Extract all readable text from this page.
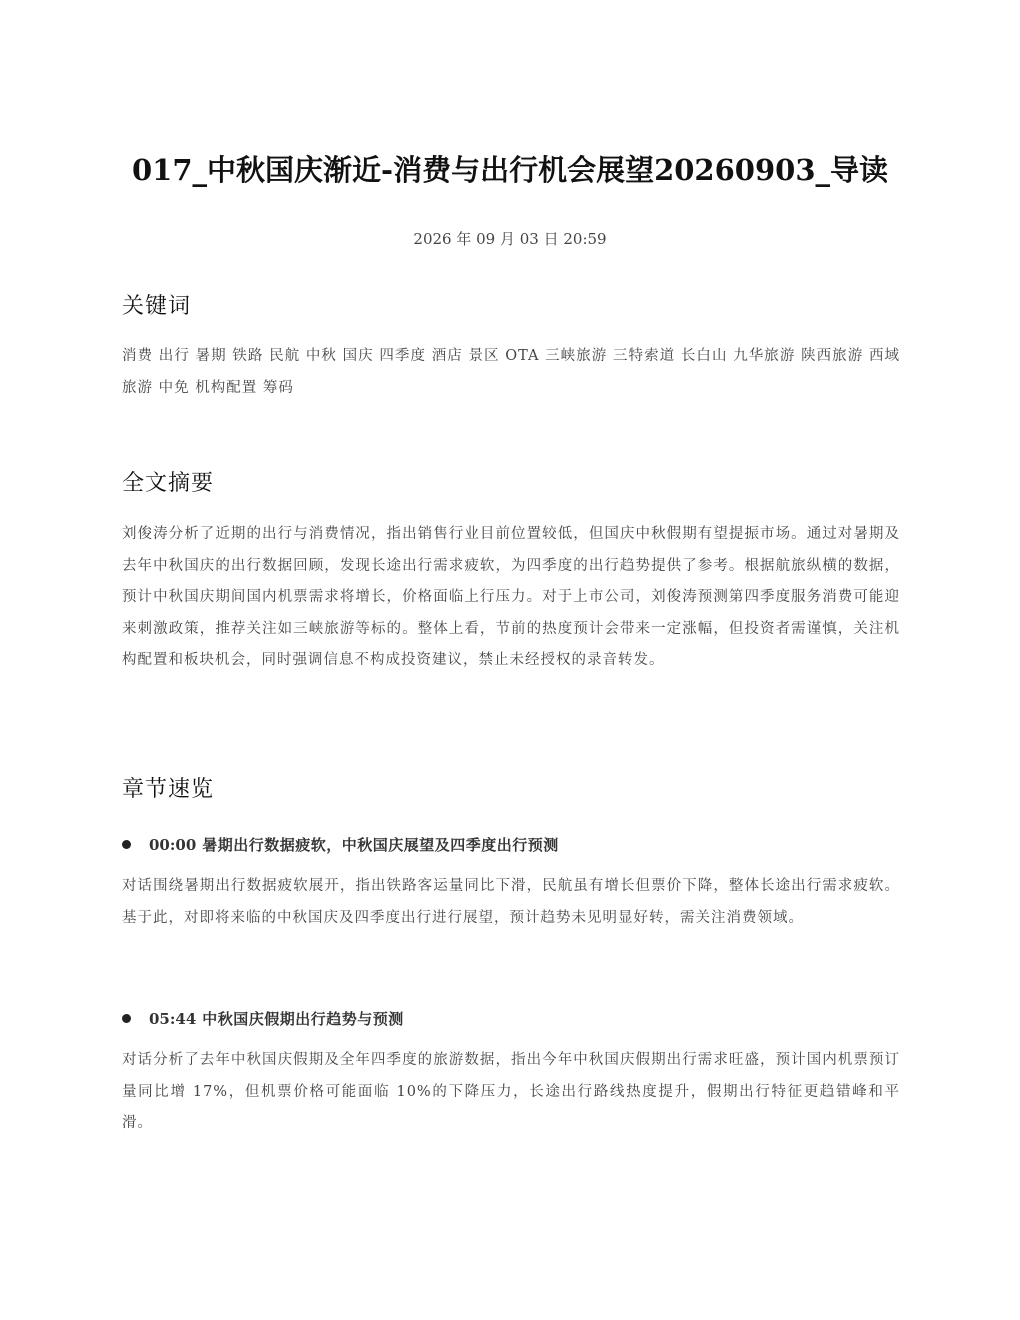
017_中秋国庆渐近-消费与出行机会展望20260903_导读
2026 年 09 月 03 日 20:59
关键词
消费 出行 暑期 铁路 民航 中秋 国庆 四季度 酒店 景区 OTA 三峡旅游 三特索道 长白山 九华旅游 陕西旅游 西域旅游 中免 机构配置 筹码
全文摘要
刘俊涛分析了近期的出行与消费情况，指出销售行业目前位置较低，但国庆中秋假期有望提振市场。通过对暑期及去年中秋国庆的出行数据回顾，发现长途出行需求疲软，为四季度的出行趋势提供了参考。根据航旅纵横的数据，预计中秋国庆期间国内机票需求将增长，价格面临上行压力。对于上市公司，刘俊涛预测第四季度服务消费可能迎来刺激政策，推荐关注如三峡旅游等标的。整体上看，节前的热度预计会带来一定涨幅，但投资者需谨慎，关注机构配置和板块机会，同时强调信息不构成投资建议，禁止未经授权的录音转发。
章节速览
00:00 暑期出行数据疲软，中秋国庆展望及四季度出行预测
对话围绕暑期出行数据疲软展开，指出铁路客运量同比下滑，民航虽有增长但票价下降，整体长途出行需求疲软。基于此，对即将来临的中秋国庆及四季度出行进行展望，预计趋势未见明显好转，需关注消费领域。
05:44 中秋国庆假期出行趋势与预测
对话分析了去年中秋国庆假期及全年四季度的旅游数据，指出今年中秋国庆假期出行需求旺盛，预计国内机票预订量同比增 17%，但机票价格可能面临 10%的下降压力，长途出行路线热度提升，假期出行特征更趋错峰和平滑。
